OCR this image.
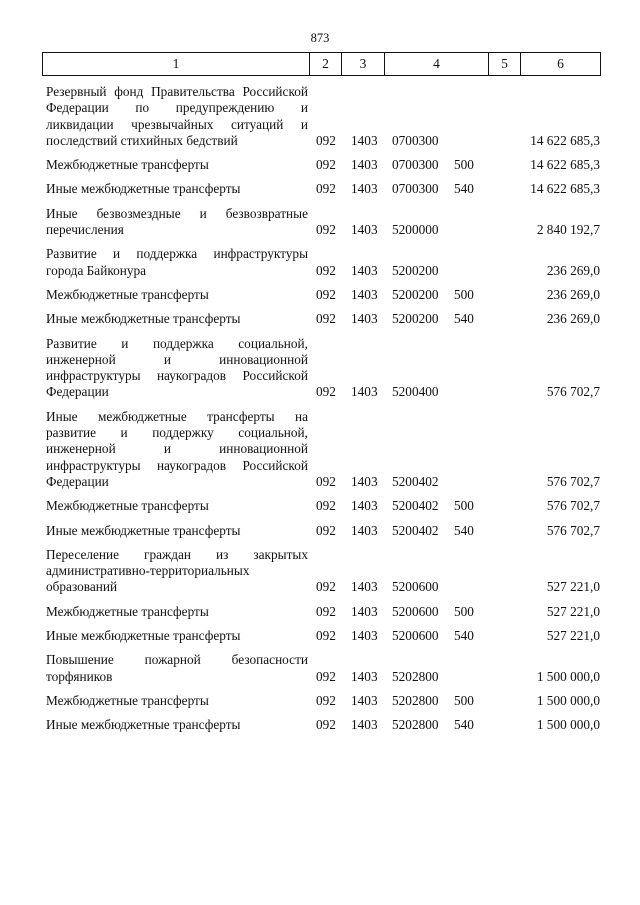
873
1	2	3	4	5	6
Резервный фонд Правительства Российской Федерации по предупреждению и ликвидации чрезвычайных ситуаций и последствий стихийных бедствий	092 1403 0700300	14 622 685,3
Межбюджетные трансферты	092 1403 0700300 500	14 622 685,3
Иные межбюджетные трансферты	092 1403 0700300 540	14 622 685,3
Иные безвозмездные и безвозвратные перечисления	092 1403 5200000	2 840 192,7
Развитие и поддержка инфраструктуры города Байконура	092 1403 5200200	236 269,0
Межбюджетные трансферты	092 1403 5200200 500	236 269,0
Иные межбюджетные трансферты	092 1403 5200200 540	236 269,0
Развитие и поддержка социальной, инженерной и инновационной инфраструктуры наукоградов Российской Федерации	092 1403 5200400	576 702,7
Иные межбюджетные трансферты на развитие и поддержку социальной, инженерной и инновационной инфраструктуры наукоградов Российской Федерации	092 1403 5200402	576 702,7
Межбюджетные трансферты	092 1403 5200402 500	576 702,7
Иные межбюджетные трансферты	092 1403 5200402 540	576 702,7
Переселение граждан из закрытых административно-территориальных образований	092 1403 5200600	527 221,0
Межбюджетные трансферты	092 1403 5200600 500	527 221,0
Иные межбюджетные трансферты	092 1403 5200600 540	527 221,0
Повышение пожарной безопасности торфяников	092 1403 5202800	1 500 000,0
Межбюджетные трансферты	092 1403 5202800 500	1 500 000,0
Иные межбюджетные трансферты	092 1403 5202800 540	1 500 000,0
